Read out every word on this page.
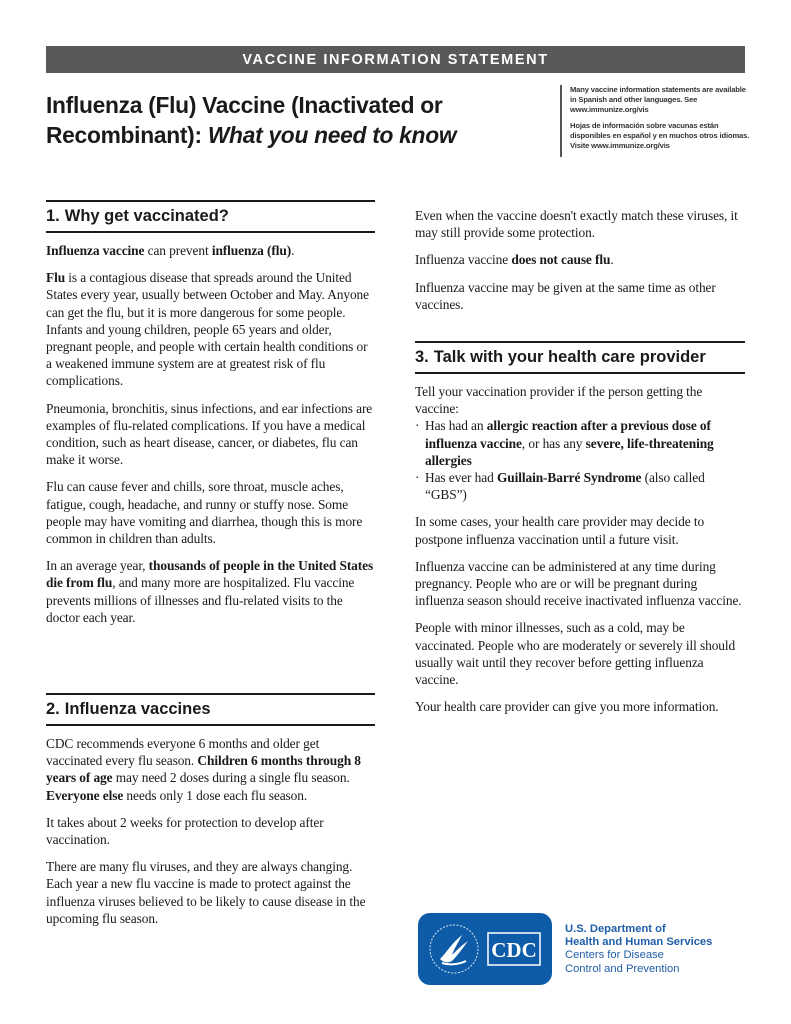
VACCINE INFORMATION STATEMENT
Influenza (Flu) Vaccine (Inactivated or
Recombinant): What you need to know

Many vaccine information statements are available in Spanish and other languages. See www.immunize.org/vis

Hojas de información sobre vacunas están disponibles en español y en muchos otros idiomas. Visite www.immunize.org/vis

1. Why get vaccinated?

Influenza vaccine can prevent influenza (flu).

Flu is a contagious disease that spreads around the United States every year, usually between October and May. Anyone can get the flu, but it is more dangerous for some people. Infants and young children, people 65 years and older, pregnant people, and people with certain health conditions or a weakened immune system are at greatest risk of flu complications.

Pneumonia, bronchitis, sinus infections, and ear infections are examples of flu-related complications. If you have a medical condition, such as heart disease, cancer, or diabetes, flu can make it worse.

Flu can cause fever and chills, sore throat, muscle aches, fatigue, cough, headache, and runny or stuffy nose. Some people may have vomiting and diarrhea, though this is more common in children than adults.

In an average year, thousands of people in the United States die from flu, and many more are hospitalized. Flu vaccine prevents millions of illnesses and flu-related visits to the doctor each year.

2. Influenza vaccines

CDC recommends everyone 6 months and older get vaccinated every flu season. Children 6 months through 8 years of age may need 2 doses during a single flu season. Everyone else needs only 1 dose each flu season.

It takes about 2 weeks for protection to develop after vaccination.

There are many flu viruses, and they are always changing. Each year a new flu vaccine is made to protect against the influenza viruses believed to be likely to cause disease in the upcoming flu season.

Even when the vaccine doesn't exactly match these viruses, it may still provide some protection.

Influenza vaccine does not cause flu.

Influenza vaccine may be given at the same time as other vaccines.

3. Talk with your health care provider

Tell your vaccination provider if the person getting the vaccine:

· Has had an allergic reaction after a previous dose of influenza vaccine, or has any severe, life-threatening allergies
· Has ever had Guillain-Barré Syndrome (also called “GBS”)

In some cases, your health care provider may decide to postpone influenza vaccination until a future visit.

Influenza vaccine can be administered at any time during pregnancy. People who are or will be pregnant during influenza season should receive inactivated influenza vaccine.

People with minor illnesses, such as a cold, may be vaccinated. People who are moderately or severely ill should usually wait until they recover before getting influenza vaccine.

Your health care provider can give you more information.

CDC
U.S. Department of
Health and Human Services
Centers for Disease
Control and Prevention
